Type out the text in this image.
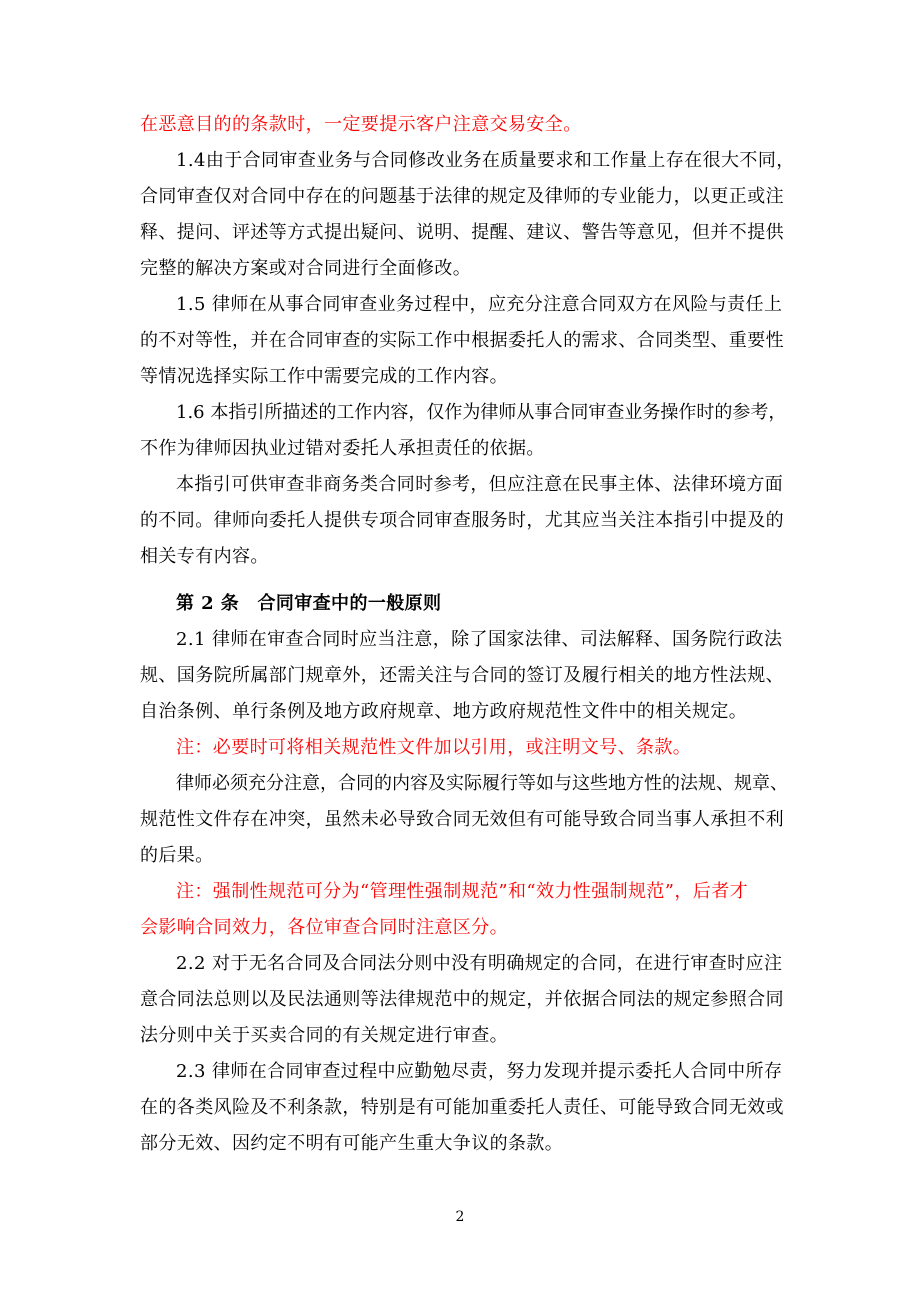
在恶意目的的条款时，一定要提示客户注意交易安全。
1.4由于合同审查业务与合同修改业务在质量要求和工作量上存在很大不同，
合同审查仅对合同中存在的问题基于法律的规定及律师的专业能力，以更正或注
释、提问、评述等方式提出疑问、说明、提醒、建议、警告等意见，但并不提供
完整的解决方案或对合同进行全面修改。
1.5 律师在从事合同审查业务过程中，应充分注意合同双方在风险与责任上
的不对等性，并在合同审查的实际工作中根据委托人的需求、合同类型、重要性
等情况选择实际工作中需要完成的工作内容。
1.6 本指引所描述的工作内容，仅作为律师从事合同审查业务操作时的参考，
不作为律师因执业过错对委托人承担责任的依据。
本指引可供审查非商务类合同时参考，但应注意在民事主体、法律环境方面
的不同。律师向委托人提供专项合同审查服务时，尤其应当关注本指引中提及的
相关专有内容。
第 2 条　合同审查中的一般原则
2.1 律师在审查合同时应当注意，除了国家法律、司法解释、国务院行政法
规、国务院所属部门规章外，还需关注与合同的签订及履行相关的地方性法规、
自治条例、单行条例及地方政府规章、地方政府规范性文件中的相关规定。
注：必要时可将相关规范性文件加以引用，或注明文号、条款。
律师必须充分注意，合同的内容及实际履行等如与这些地方性的法规、规章、
规范性文件存在冲突，虽然未必导致合同无效但有可能导致合同当事人承担不利
的后果。
注：强制性规范可分为“管理性强制规范”和“效力性强制规范”，后者才
会影响合同效力，各位审查合同时注意区分。
2.2 对于无名合同及合同法分则中没有明确规定的合同，在进行审查时应注
意合同法总则以及民法通则等法律规范中的规定，并依据合同法的规定参照合同
法分则中关于买卖合同的有关规定进行审查。
2.3 律师在合同审查过程中应勤勉尽责，努力发现并提示委托人合同中所存
在的各类风险及不利条款，特别是有可能加重委托人责任、可能导致合同无效或
部分无效、因约定不明有可能产生重大争议的条款。
2
